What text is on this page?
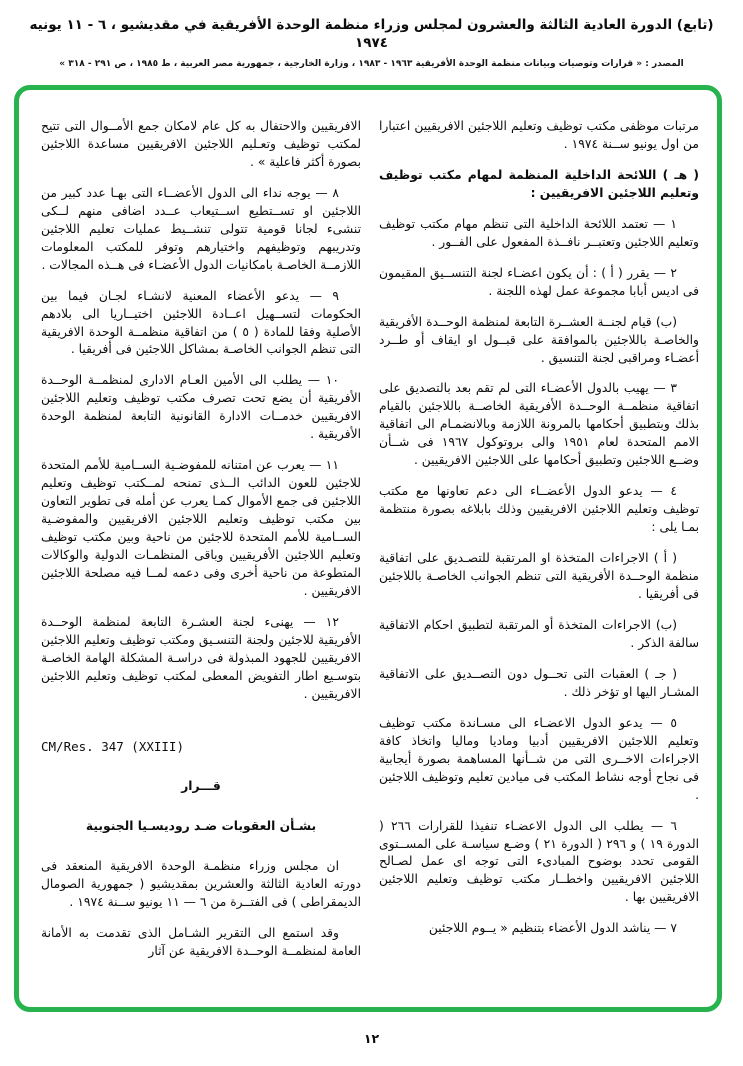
(تابع) الدورة العادية الثالثة والعشرون لمجلس وزراء منظمة الوحدة الأفريقية في مقديشيو ، ٦ - ١١ يونيه ١٩٧٤
المصدر : « قرارات وتوصيات وبيانات منظمة الوحدة الأفريقية ١٩٦٣ - ١٩٨٣ ، وزارة الخارجية ، جمهورية مصر العربية ، ط ١٩٨٥ ، ص ٢٩١ - ٣١٨ »
مرتبات موظفى مكتب توظيف وتعليم اللاجئين الافريقيين اعتبارا من اول يونيو ســنة ١٩٧٤ .
( هـ ) اللائحة الداخلية المنظمة لمهام مكتب توظيف وتعليم اللاجئين الافريقيين :
١ — تعتمد اللائحة الداخلية التى تنظم مهام مكتب توظيف وتعليم اللاجئين وتعتبــر نافــذة المفعول على الفــور .
٢ — يقرر ( أ ) : أن يكون اعضـاء لجنة التنســيق المقيمون فى اديس أبابا مجموعة عمل لهذه اللجنة .
(ب) قيام لجنــة العشــرة التابعة لمنظمة الوحــدة الأفريقية والخاصـة باللاجئين بالموافقة على قبــول او ايقاف أو طــرد أعضـاء ومراقبى لجنة التنسيق .
٣ — يهيب بالدول الأعضـاء التى لم تقم بعد بالتصديق على اتفاقية منظمــة الوحــدة الأفريقية الخاصــة باللاجئين بالقيام بذلك وبتطبيق أحكامها بالمرونة اللازمة وبالانضمـام الى اتفاقية الامم المتحدة لعام ١٩٥١ والى بروتوكول ١٩٦٧ فى شــأن وضــع اللاجئين وتطبيق أحكامها على اللاجئين الافريقيين .
٤ — يدعو الدول الأعضــاء الى دعم تعاونها مع مكتب توظيف وتعليم اللاجئين الافريقيين وذلك بابلاغه بصورة منتظمة بمـا يلى :
( أ ) الاجراءات المتخذة او المرتقبة للتصـديق على اتفاقية منظمة الوحــدة الأفريقية التى تنظم الجوانب الخاصـة باللاجئين فى أفريقيا .
(ب) الاجراءات المتخذة أو المرتقبة لتطبيق احكام الاتفاقية سالفة الذكر .
( جـ ) العقبات التى تحــول دون التصــديق على الاتفاقية المشـار اليها او تؤخر ذلك .
٥ — يدعو الدول الاعضـاء الى مسـاندة مكتب توظيف وتعليم اللاجئين الافريقيين أدبيا وماديا وماليا واتخاذ كافة الاجراءات الاخــرى التى من شــأنها المساهمة بصورة أيجابية فى نجاح أوجه نشاط المكتب فى ميادين تعليم وتوظيف اللاجئين .
٦ — يطلب الى الدول الاعضـاء تنفيذا للقرارات ٢٦٦ ( الدورة ١٩ ) و ٢٩٦ ( الدورة ٢١ ) وضـع سياسـة على المســتوى القومى تحدد بوضوح المبادىء التى توجه اى عمل لصـالح اللاجئين الافريقيين واخطــار مكتب توظيف وتعليم اللاجئين الافريقيين بها .
٧ — يناشد الدول الأعضاء بتنظيم « يــوم اللاجئين
الافريقيين والاحتفال به كل عام لامكان جمع الأمــوال التى تتيح لمكتب توظيف وتعـليم اللاجئين الافريقيين مساعدة اللاجئين بصورة أكثر فاعلية » .
٨ — يوجه نداء الى الدول الأعضــاء التى بهـا عدد كبير من اللاجئين او تســتطيع اســتيعاب عــدد اضافى منهم لــكى تنشىء لجانا قومية تتولى تنشــيط عمليات تعليم اللاجئين وتدريبهم وتوظيفهم واختيارهم وتوفر للمكتب المعلومات اللازمــة الخاصـة بامكانيات الدول الأعضـاء فى هــذه المجالات .
٩ — يدعو الأعضاء المعنية لانشـاء لجـان فيما بين الحكومات لتســهيل اعــادة اللاجئين اختيــاريا الى بلادهم الأصلية وفقا للمادة ( ٥ ) من اتفاقية منظمــة الوحدة الافريقية التى تنظم الجوانب الخاصـة بمشاكل اللاجئين فى أفريقيا .
١٠ — يطلب الى الأمين العـام الادارى لمنظمــة الوحــدة الأفريقية أن يضع تحت تصرف مكتب توظيف وتعليم اللاجئين الافريقيين خدمــات الادارة القانونية التابعة لمنظمة الوحدة الأفريقية .
١١ — يعرب عن امتنانه للمفوضـية الســامية للأمم المتحدة للاجئين للعون الدائب الــذى تمنحه لمــكتب توظيف وتعليم اللاجئين فى جمع الأموال كمـا يعرب عن أمله فى تطوير التعاون بين مكتب توظيف وتعليم اللاجئين الافريقيين والمفوضـية الســامية للأمم المتحدة للاجئين من ناحية وبين مكتب توظيف وتعليم اللاجئين الأفريقيين وباقى المنظمـات الدولية والوكالات المتطوعة من ناحية أخرى وفى دعمه لمــا فيه مصلحة اللاجئين الافريقيين .
١٢ — يهنىء لجنة العشـرة التابعة لمنظمة الوحــدة الأفريقية للاجئين ولجنة التنسـيق ومكتب توظيف وتعليم اللاجئين الافريقيين للجهود المبذولة فى دراسـة المشكلة الهامة الخاصـة بتوسـيع اطار التفويض المعطى لمكتب توظيف وتعليم اللاجئين الافريقيين .
CM/Res. 347 (XXIII)
قـــرار
بشـأن العقوبات ضـد روديسـيا الجنوبية
ان مجلس وزراء منظمـة الوحدة الافريقية المنعقد فى دورته العادية الثالثة والعشرين بمقديشيو ( جمهورية الصومال الديمقراطى ) فى الفتــرة من ٦ — ١١ يونيو ســنة ١٩٧٤ .
وقد استمع الى التقرير الشـامل الذى تقدمت به الأمانة العامة لمنظمــة الوحــدة الافريقية عن آثار
١٢
